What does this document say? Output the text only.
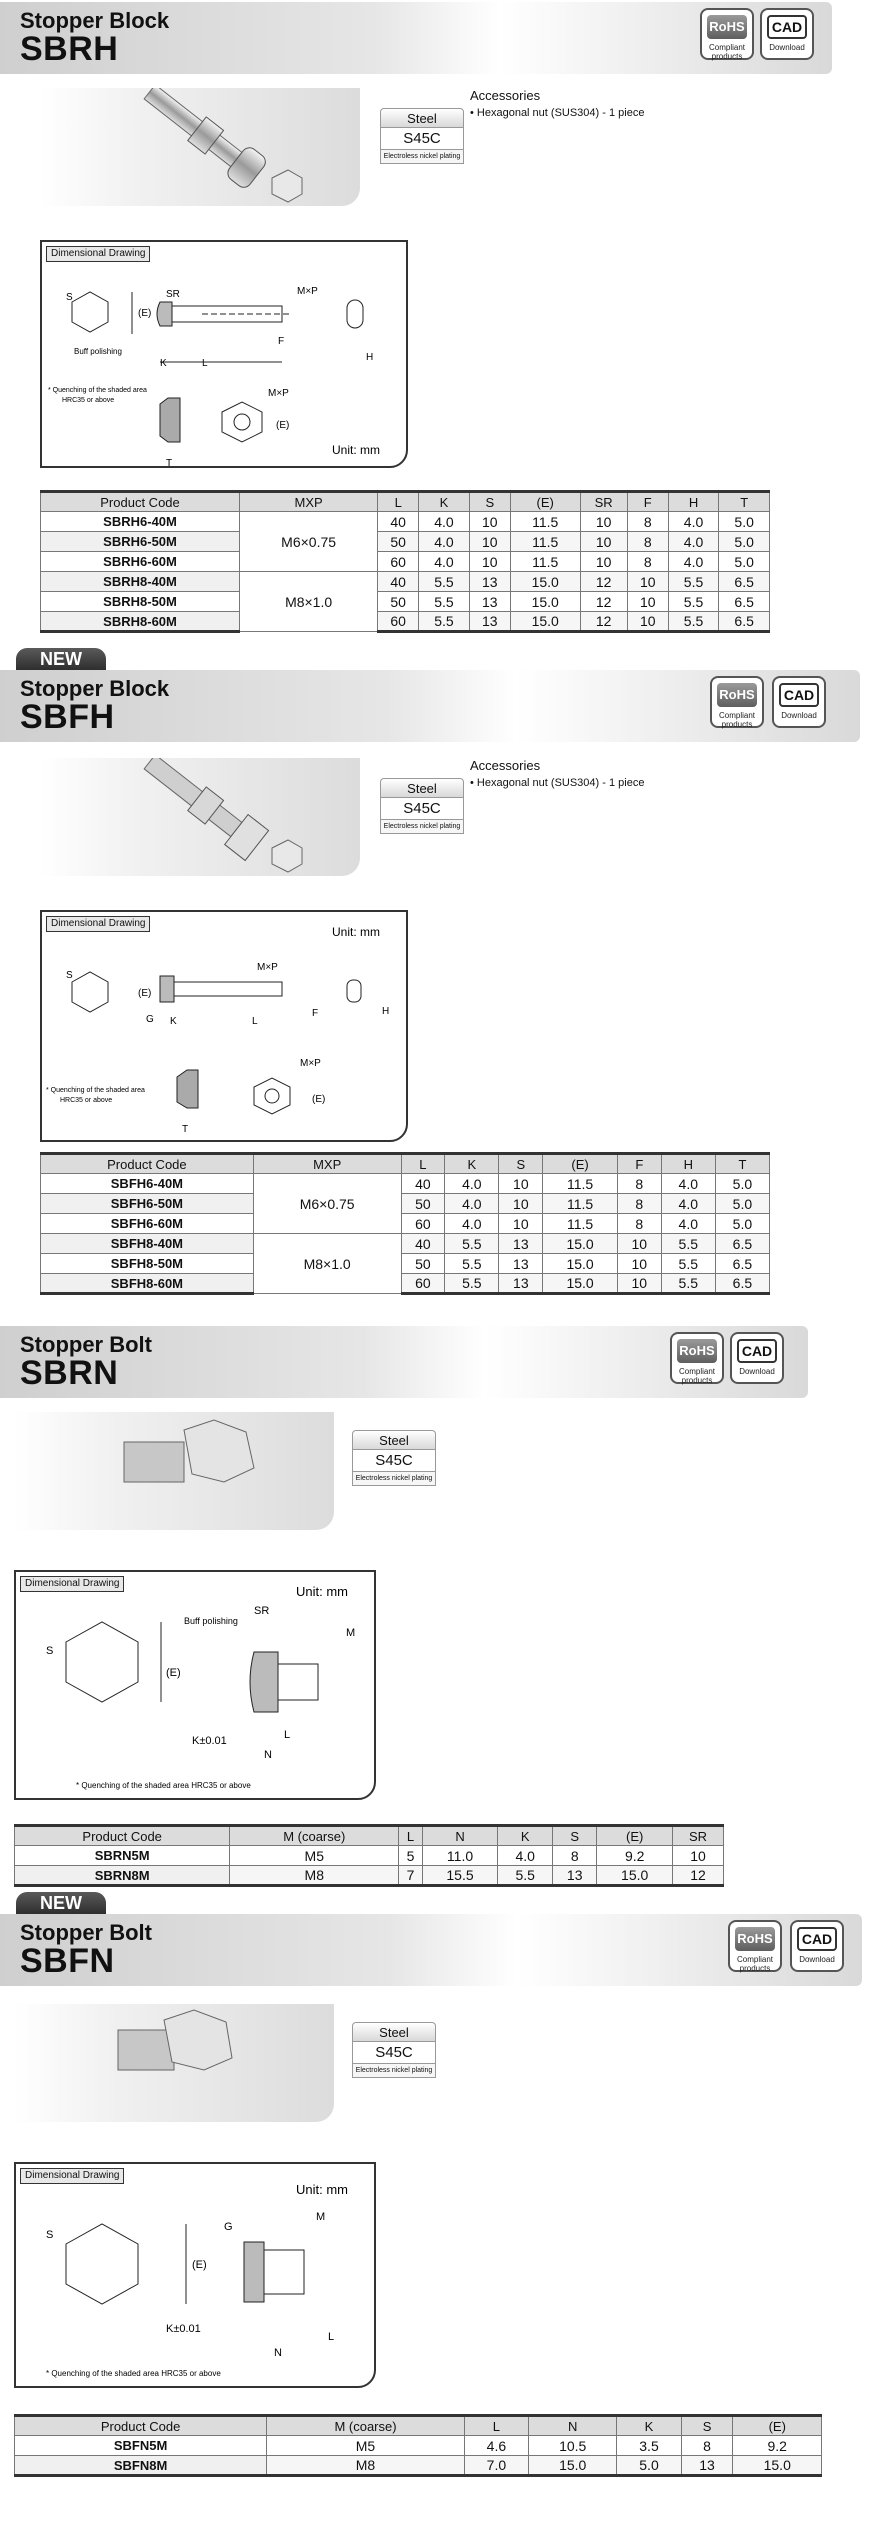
Stopper Block
SBRH
RoHS
Compliant products
CAD
Download
Steel
S45C
Electroless nickel plating
Accessories
• Hexagonal nut (SUS304) - 1 piece
Dimensional Drawing
S
(E)
Buff polishing
SR	M×P
F
L
K
H
* Quenching of the shaded area
HRC35 or above
T
M×P
(E)
Unit: mm
Product Code	MXP	L	K	S	(E)	SR	F	H	T
SBRH6-40M	M6×0.75	40	4.0	10	11.5	10	8	4.0	5.0
SBRH6-50M		50	4.0	10	11.5	10	8	4.0	5.0
SBRH6-60M		60	4.0	10	11.5	10	8	4.0	5.0
SBRH8-40M	M8×1.0	40	5.5	13	15.0	12	10	5.5	6.5
SBRH8-50M		50	5.5	13	15.0	12	10	5.5	6.5
SBRH8-60M		60	5.5	13	15.0	12	10	5.5	6.5
NEW
Stopper Block
SBFH
RoHS
Compliant products
CAD
Download
Steel
S45C
Electroless nickel plating
Accessories
• Hexagonal nut (SUS304) - 1 piece
Dimensional Drawing
Unit: mm
S
(E)
M×P
G K	L
F	H
* Quenching of the shaded area
HRC35 or above
T
M×P
(E)
Product Code	MXP	L	K	S	(E)	F	H	T
SBFH6-40M	M6×0.75	40	4.0	10	11.5	8	4.0	5.0
SBFH6-50M		50	4.0	10	11.5	8	4.0	5.0
SBFH6-60M		60	4.0	10	11.5	8	4.0	5.0
SBFH8-40M	M8×1.0	40	5.5	13	15.0	10	5.5	6.5
SBFH8-50M		50	5.5	13	15.0	10	5.5	6.5
SBFH8-60M		60	5.5	13	15.0	10	5.5	6.5
Stopper Bolt
SBRN
RoHS
Compliant products
CAD
Download
Steel
S45C
Electroless nickel plating
Dimensional Drawing
Unit: mm
S
(E)
Buff polishing
SR
M
K±0.01	L
N
* Quenching of the shaded area HRC35 or above
Product Code	M (coarse)	L	N	K	S	(E)	SR
SBRN5M	M5	5	11.0	4.0	8	9.2	10
SBRN8M	M8	7	15.5	5.5	13	15.0	12
NEW
Stopper Bolt
SBFN
RoHS
Compliant products
CAD
Download
Steel
S45C
Electroless nickel plating
Dimensional Drawing
Unit: mm
S
(E)
G
M
K±0.01
L
N
* Quenching of the shaded area HRC35 or above
Product Code	M (coarse)	L	N	K	S	(E)
SBFN5M	M5	4.6	10.5	3.5	8	9.2
SBFN8M	M8	7.0	15.0	5.0	13	15.0
